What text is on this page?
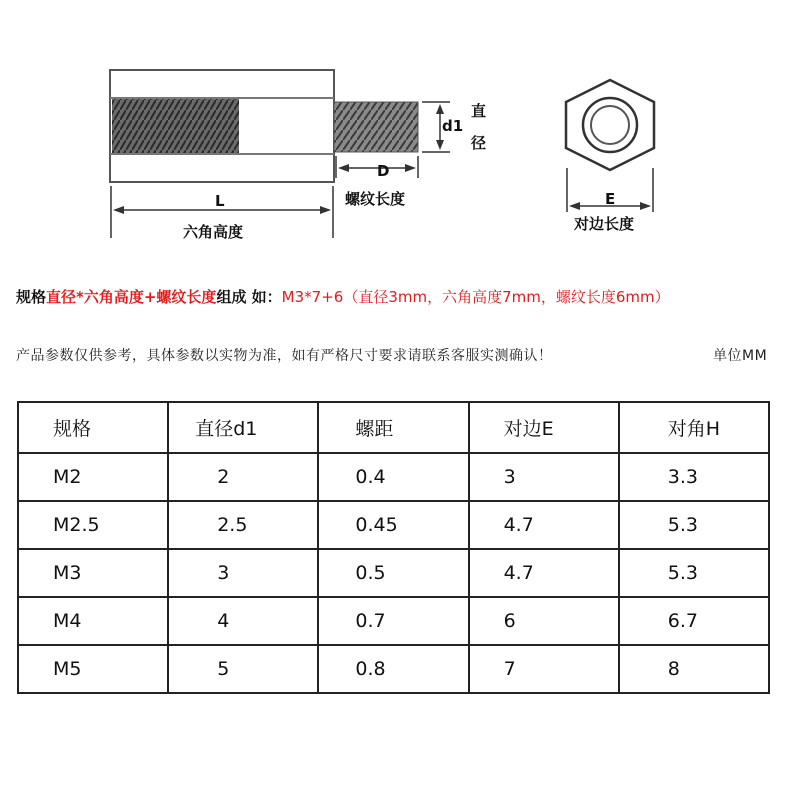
L
六角高度
D
螺纹长度
d1
直
径
E
对边长度
规格直径*六角高度+螺纹长度组成 如：M3*7+6（直径3mm，六角高度7mm，螺纹长度6mm）
产品参数仅供参考，具体参数以实物为准，如有严格尺寸要求请联系客服实测确认！	单位MM
规格	直径d1	螺距	对边E	对角H
M2	2	0.4	3	3.3
M2.5	2.5	0.45	4.7	5.3
M3	3	0.5	4.7	5.3
M4	4	0.7	6	6.7
M5	5	0.8	7	8
